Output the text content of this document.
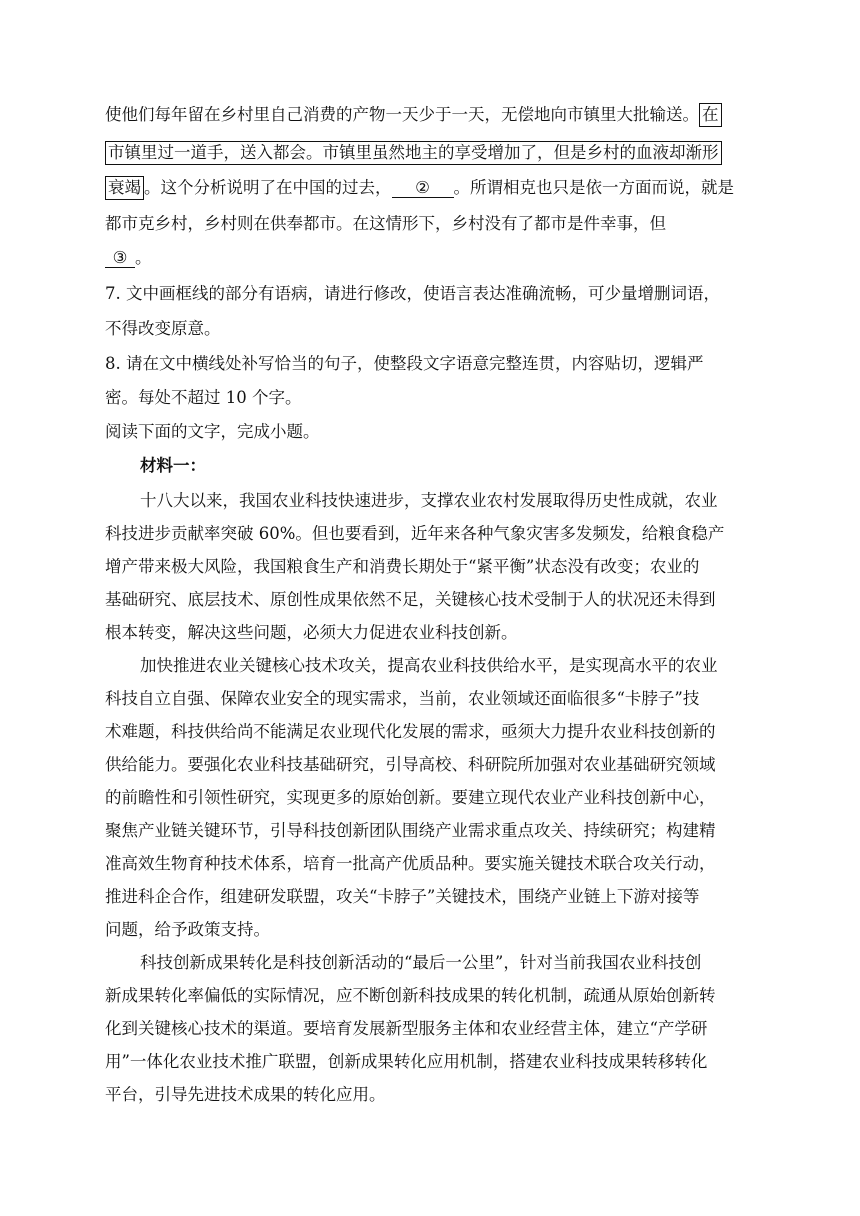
使他们每年留在乡村里自己消费的产物一天少于一天，无偿地向市镇里大批输送。 在
市镇里过一道手，送入都会。市镇里虽然地主的享受增加了，但是乡村的血液却渐形
衰竭 。这个分析说明了在中国的过去， ② 。所谓相克也只是依一方面而说，就是
都市克乡村，乡村则在供奉都市。在这情形下，乡村没有了都市是件幸事，但
③ 。
7. 文中画框线的部分有语病，请进行修改，使语言表达准确流畅，可少量增删词语，
不得改变原意。
8. 请在文中横线处补写恰当的句子，使整段文字语意完整连贯，内容贴切，逻辑严
密。每处不超过 10 个字。
阅读下面的文字，完成小题。
材料一：
十八大以来，我国农业科技快速进步，支撑农业农村发展取得历史性成就，农业
科技进步贡献率突破 60%。但也要看到，近年来各种气象灾害多发频发，给粮食稳产
增产带来极大风险，我国粮食生产和消费长期处于“紧平衡”状态没有改变；农业的
基础研究、底层技术、原创性成果依然不足，关键核心技术受制于人的状况还未得到
根本转变，解决这些问题，必须大力促进农业科技创新。
加快推进农业关键核心技术攻关，提高农业科技供给水平，是实现高水平的农业
科技自立自强、保障农业安全的现实需求，当前，农业领域还面临很多“卡脖子”技
术难题，科技供给尚不能满足农业现代化发展的需求，亟须大力提升农业科技创新的
供给能力。要强化农业科技基础研究，引导高校、科研院所加强对农业基础研究领域
的前瞻性和引领性研究，实现更多的原始创新。要建立现代农业产业科技创新中心，
聚焦产业链关键环节，引导科技创新团队围绕产业需求重点攻关、持续研究；构建精
准高效生物育种技术体系，培育一批高产优质品种。要实施关键技术联合攻关行动，
推进科企合作，组建研发联盟，攻关“卡脖子”关键技术，围绕产业链上下游对接等
问题，给予政策支持。
科技创新成果转化是科技创新活动的“最后一公里”，针对当前我国农业科技创
新成果转化率偏低的实际情况，应不断创新科技成果的转化机制，疏通从原始创新转
化到关键核心技术的渠道。要培育发展新型服务主体和农业经营主体，建立“产学研
用”一体化农业技术推广联盟，创新成果转化应用机制，搭建农业科技成果转移转化
平台，引导先进技术成果的转化应用。
